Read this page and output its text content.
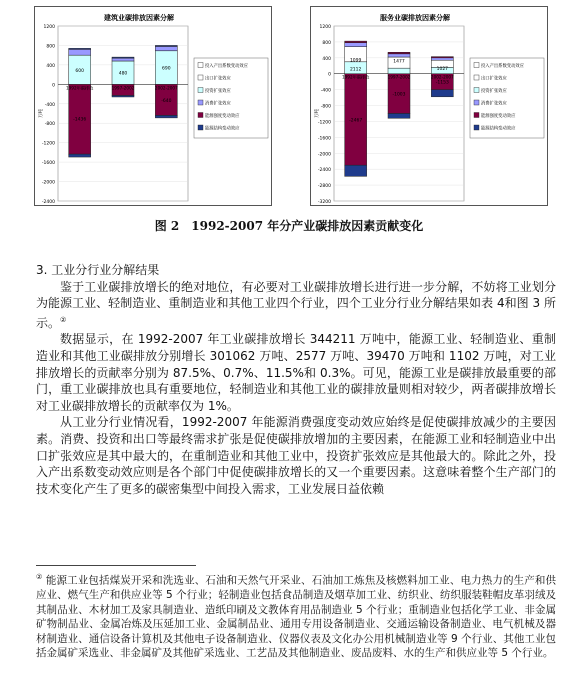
建筑业碳排放因素分解
1200
800
400
0
-400
-800
-1200
-1600
-2000
-2400
万吨
1992年碳排放	1997-2002	2002-2007
600
-1436
480
690
-640
投入产出系数变动效应
出口扩张效应
投资扩张效应
消费扩张效应
能源强度变动效应
能源结构变动效应
服务业碳排放因素分解
1200
800
400
0
-400
-800
-1200
-1600
-2000
-2400
-2800
-3200
万吨
1992年碳排放	1997-2002	2002-2007
1099
2112
-2467
1477
-1003
1027
-1153
投入产出系数变动效应
出口扩张效应
投资扩张效应
消费扩张效应
能源强度变动效应
能源结构变动效应
图 2　1992-2007 年分产业碳排放因素贡献变化

3. 工业分行业分解结果

鉴于工业碳排放增长的绝对地位，有必要对工业碳排放增长进行进一步分解，不妨将工业划分为能源工业、轻制造业、重制造业和其他工业四个行业，四个工业分行业分解结果如表 4和图 3 所示。②

数据显示，在 1992-2007 年工业碳排放增长 344211 万吨中，能源工业、轻制造业、重制造业和其他工业碳排放分别增长 301062 万吨、2577 万吨、39470 万吨和 1102 万吨，对工业排放增长的贡献率分别为 87.5%、0.7%、11.5%和 0.3%。可见，能源工业是碳排放最重要的部门，重工业碳排放也具有重要地位，轻制造业和其他工业的碳排放量则相对较少，两者碳排放增长对工业碳排放增长的贡献率仅为 1%。

从工业分行业情况看，1992-2007 年能源消费强度变动效应始终是促使碳排放减少的主要因素。消费、投资和出口等最终需求扩张是促使碳排放增加的主要因素，在能源工业和轻制造业中出口扩张效应是其中最大的，在重制造业和其他工业中，投资扩张效应是其他最大的。除此之外，投入产出系数变动效应则是各个部门中促使碳排放增长的又一个重要因素。这意味着整个生产部门的技术变化产生了更多的碳密集型中间投入需求，工业发展日益依赖

② 能源工业包括煤炭开采和洗选业、石油和天然气开采业、石油加工炼焦及核燃料加工业、电力热力的生产和供应业、燃气生产和供应业等 5 个行业；轻制造业包括食品制造及烟草加工业、纺织业、纺织服装鞋帽皮革羽绒及其制品业、木材加工及家具制造业、造纸印刷及文教体育用品制造业 5 个行业；重制造业包括化学工业、非金属矿物制品业、金属冶炼及压延加工业、金属制品业、通用专用设备制造业、交通运输设备制造业、电气机械及器材制造业、通信设备计算机及其他电子设备制造业、仪器仪表及文化办公用机械制造业等 9 个行业、其他工业包括金属矿采选业、非金属矿及其他矿采选业、工艺品及其他制造业、废品废料、水的生产和供应业等 5 个行业。
